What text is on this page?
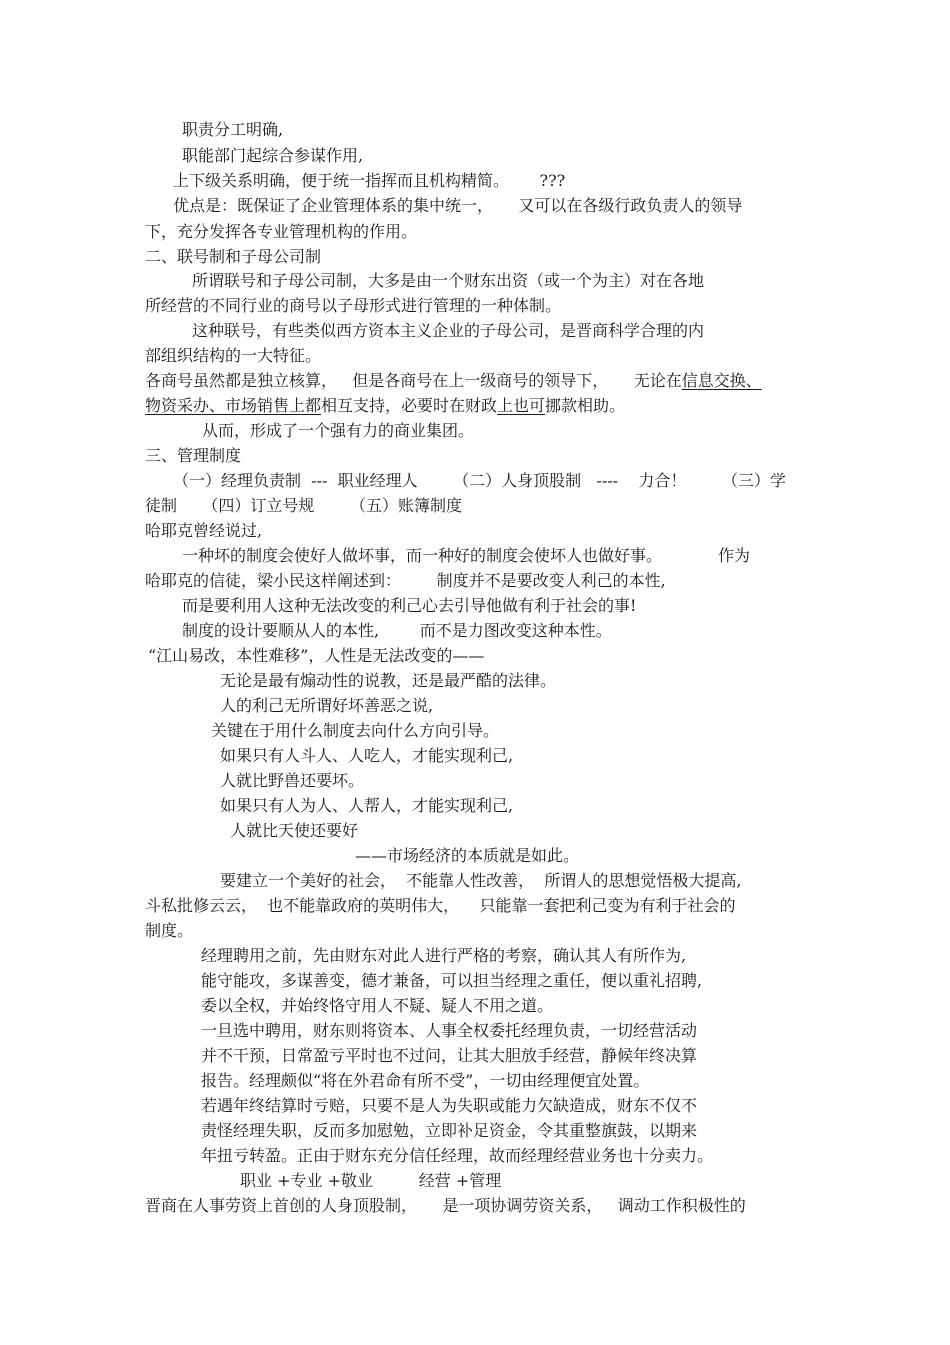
职责分工明确,
职能部门起综合参谋作用,
上下级关系明确，便于统一指挥而且机构精简。      ???
优点是：既保证了企业管理体系的集中统一，     又可以在各级行政负责人的领导
下，充分发挥各专业管理机构的作用。
二、联号制和子母公司制
所谓联号和子母公司制，大多是由一个财东出资（或一个为主）对在各地
所经营的不同行业的商号以子母形式进行管理的一种体制。
这种联号，有些类似西方资本主义企业的子母公司，是晋商科学合理的内
部组织结构的一大特征。
各商号虽然都是独立核算，   但是各商号在上一级商号的领导下，     无论在信息交换、
物资采办、市场销售上都相互支持，必要时在财政上也可挪款相助。
从而，形成了一个强有力的商业集团。
三、管理制度
（一）经理负责制  ---  职业经理人       （二）人身顶股制   ----    力合！       （三）学
徒制     （四）订立号规       （五）账簿制度
哈耶克曾经说过,
一种坏的制度会使好人做坏事，而一种好的制度会使坏人也做好事。           作为
哈耶克的信徒，梁小民这样阐述到：       制度并不是要改变人利己的本性,
而是要利用人这种无法改变的利己心去引导他做有利于社会的事!
制度的设计要顺从人的本性,        而不是力图改变这种本性。
“江山易改，本性难移”，人性是无法改变的——
无论是最有煽动性的说教，还是最严酷的法律。
人的利己无所谓好坏善恶之说,
关键在于用什么制度去向什么方向引导。
如果只有人斗人、人吃人，才能实现利己,
人就比野兽还要坏。
如果只有人为人、人帮人，才能实现利己,
人就比天使还要好
——市场经济的本质就是如此。
要建立一个美好的社会，  不能靠人性改善，  所谓人的思想觉悟极大提高,
斗私批修云云，  也不能靠政府的英明伟大，    只能靠一套把利己变为有利于社会的
制度。
经理聘用之前，先由财东对此人进行严格的考察，确认其人有所作为,
能守能攻，多谋善变，德才兼备，可以担当经理之重任，便以重礼招聘,
委以全权，并始终恪守用人不疑、疑人不用之道。
一旦选中聘用，财东则将资本、人事全权委托经理负责，一切经营活动
并不干预，日常盈亏平时也不过问，让其大胆放手经营，静候年终决算
报告。经理颇似“将在外君命有所不受”，一切由经理便宜处置。
若遇年终结算时亏赔，只要不是人为失职或能力欠缺造成，财东不仅不
责怪经理失职，反而多加慰勉，立即补足资金，令其重整旗鼓，以期来
年扭亏转盈。正由于财东充分信任经理，故而经理经营业务也十分卖力。
职业 +专业 +敬业         经营 +管理
晋商在人事劳资上首创的人身顶股制，     是一项协调劳资关系，   调动工作积极性的
